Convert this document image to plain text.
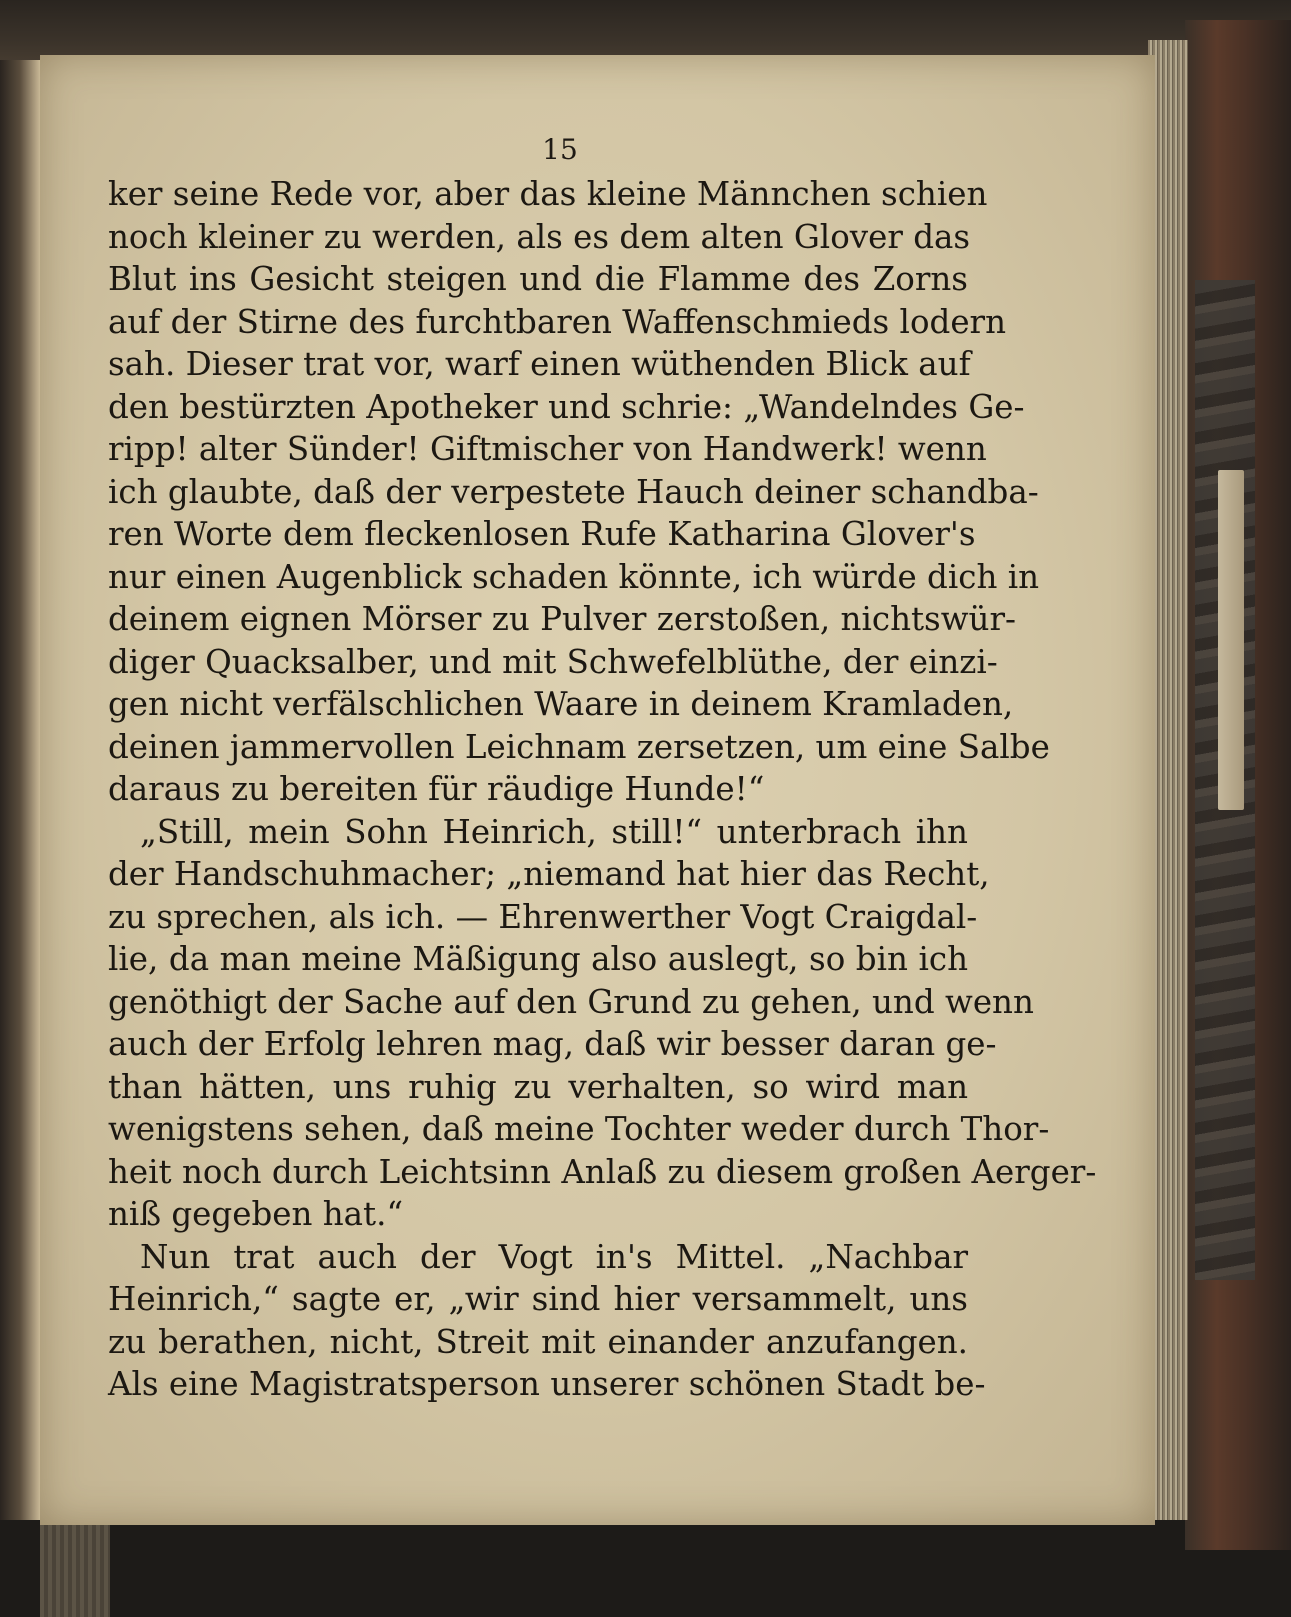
15
ker seine Rede vor, aber das kleine Männchen schien
noch kleiner zu werden, als es dem alten Glover das
Blut ins Gesicht steigen und die Flamme des Zorns
auf der Stirne des furchtbaren Waffenschmieds lodern
sah. Dieser trat vor, warf einen wüthenden Blick auf
den bestürzten Apotheker und schrie: „Wandelndes Ge-
ripp! alter Sünder! Giftmischer von Handwerk! wenn
ich glaubte, daß der verpestete Hauch deiner schandba-
ren Worte dem fleckenlosen Rufe Katharina Glover's
nur einen Augenblick schaden könnte, ich würde dich in
deinem eignen Mörser zu Pulver zerstoßen, nichtswür-
diger Quacksalber, und mit Schwefelblüthe, der einzi-
gen nicht verfälschlichen Waare in deinem Kramladen,
deinen jammervollen Leichnam zersetzen, um eine Salbe
daraus zu bereiten für räudige Hunde!“
„Still, mein Sohn Heinrich, still!“ unterbrach ihn
der Handschuhmacher; „niemand hat hier das Recht,
zu sprechen, als ich. — Ehrenwerther Vogt Craigdal-
lie, da man meine Mäßigung also auslegt, so bin ich
genöthigt der Sache auf den Grund zu gehen, und wenn
auch der Erfolg lehren mag, daß wir besser daran ge-
than hätten, uns ruhig zu verhalten, so wird man
wenigstens sehen, daß meine Tochter weder durch Thor-
heit noch durch Leichtsinn Anlaß zu diesem großen Aerger-
niß gegeben hat.“
Nun trat auch der Vogt in's Mittel. „Nachbar
Heinrich,“ sagte er, „wir sind hier versammelt, uns
zu berathen, nicht, Streit mit einander anzufangen.
Als eine Magistratsperson unserer schönen Stadt be-
